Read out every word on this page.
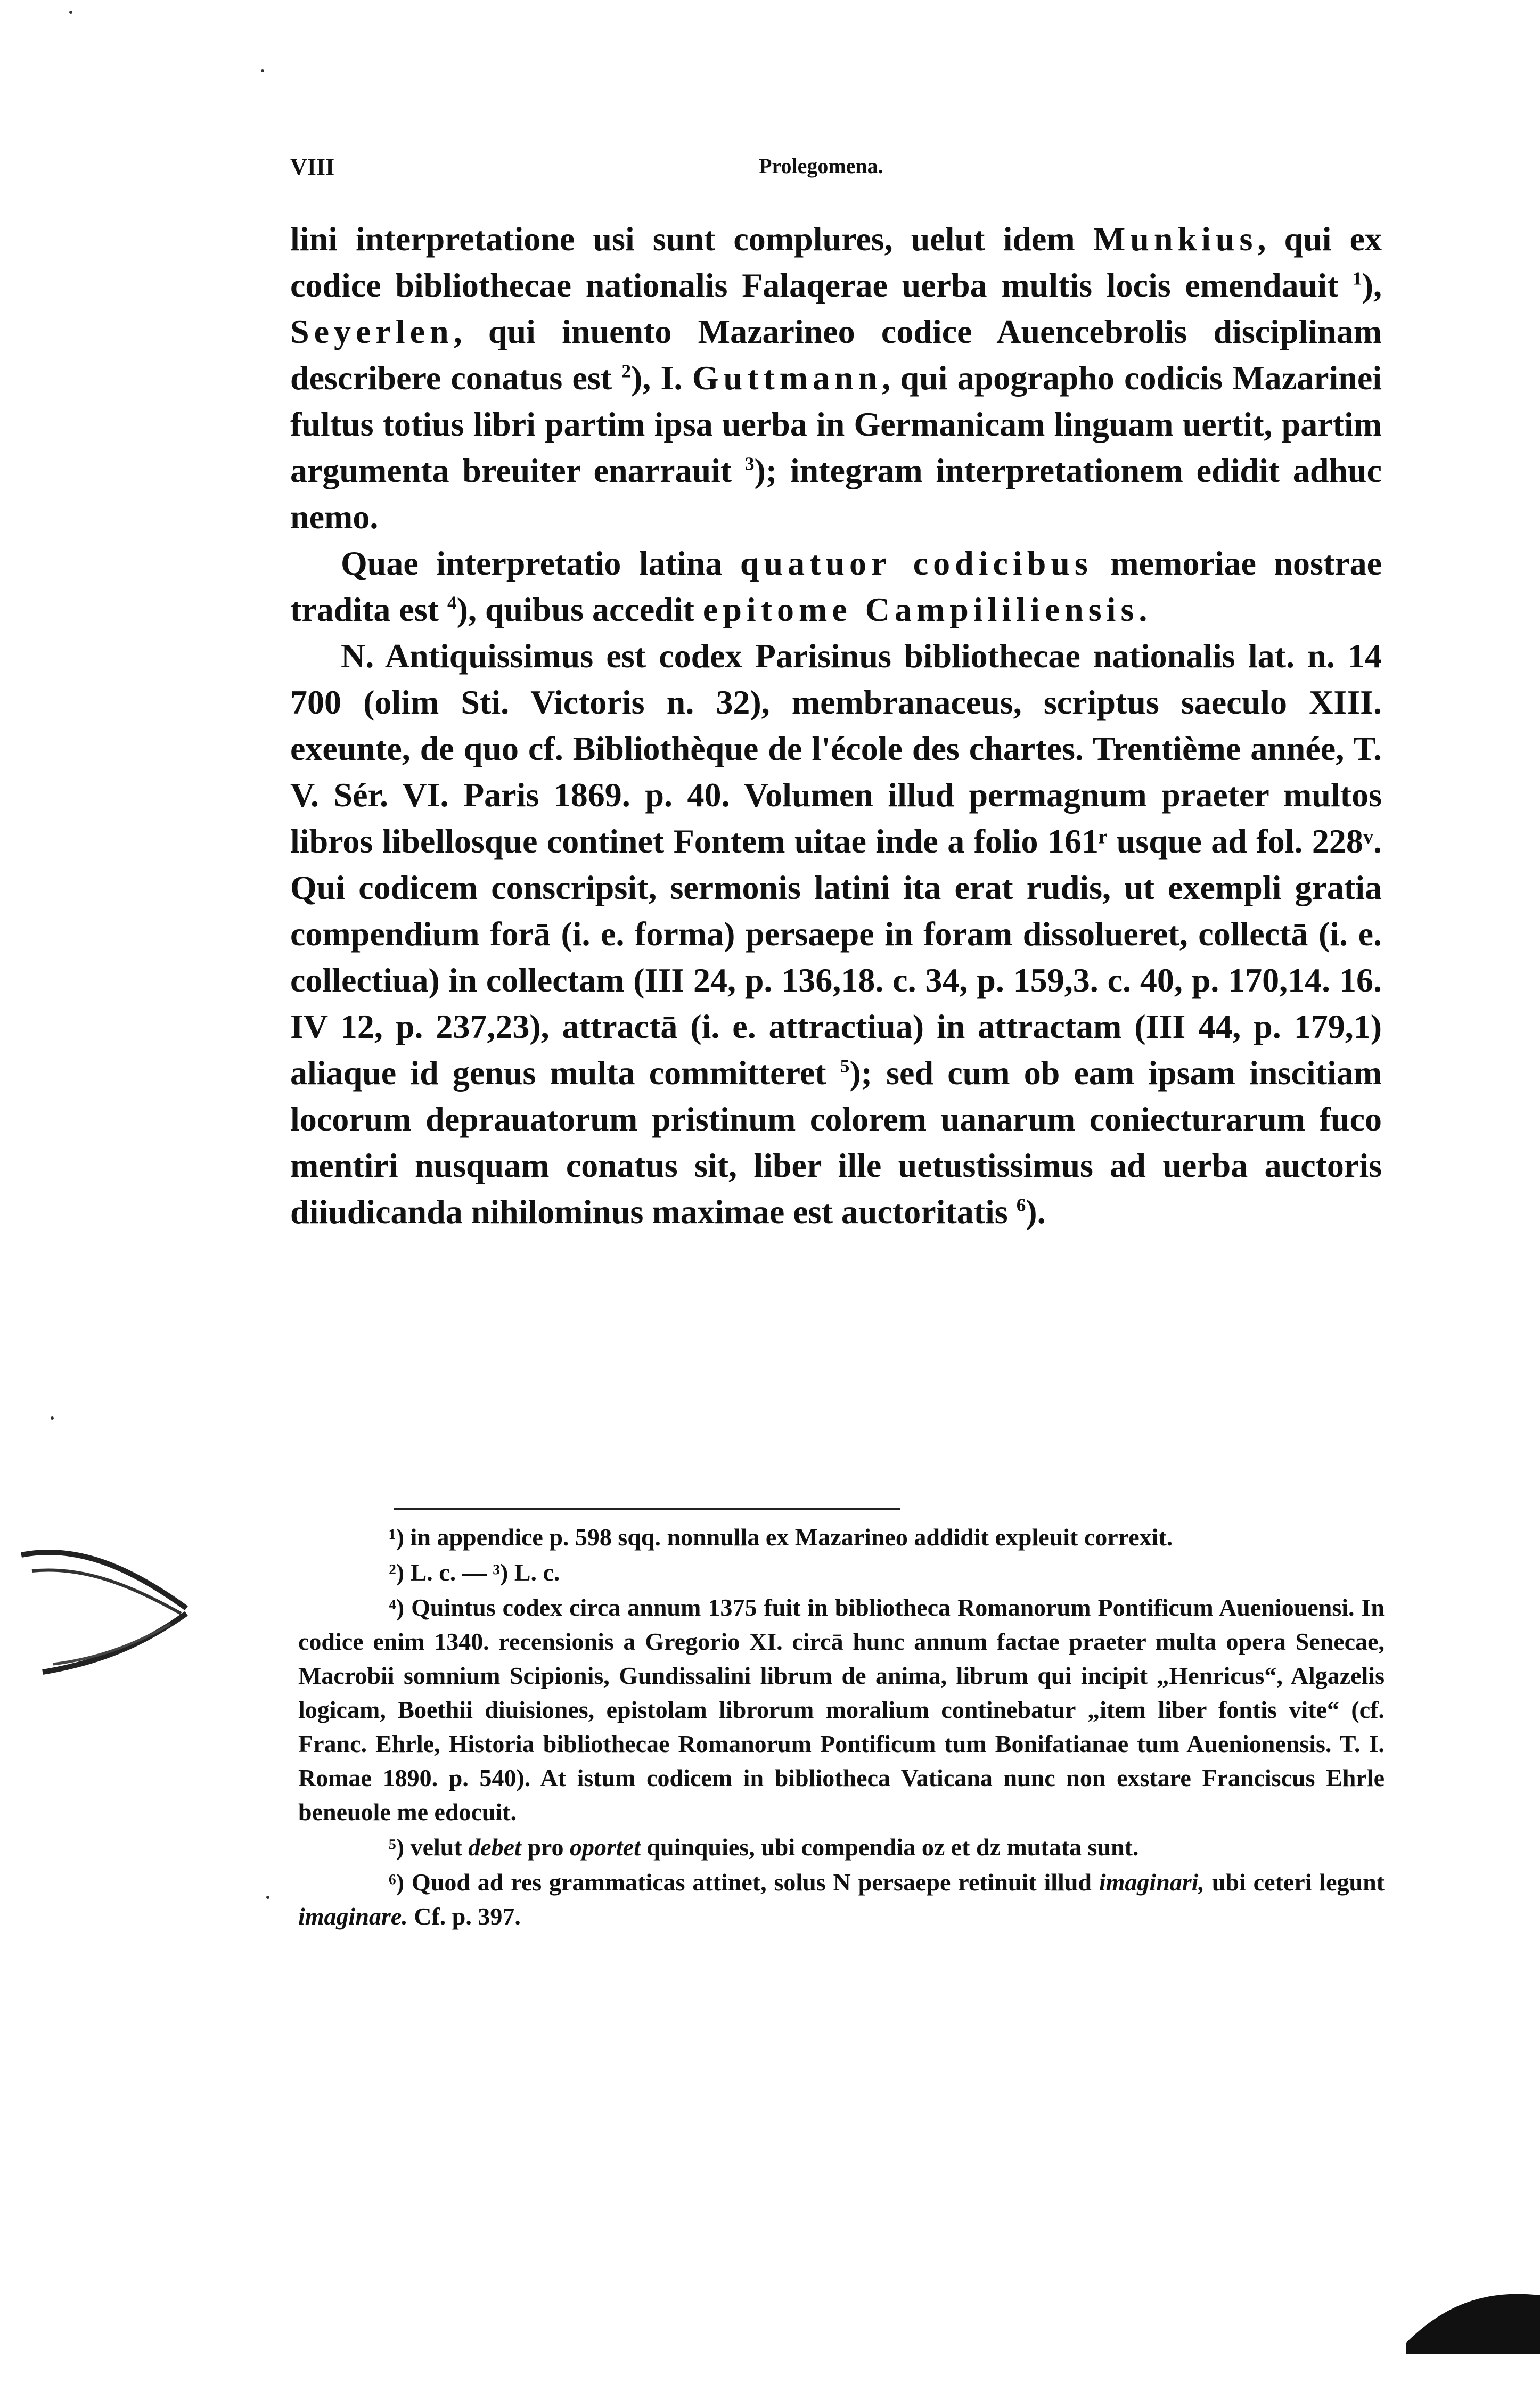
VIII	Prolegomena.

lini interpretatione usi sunt complures, uelut idem Munkius, qui ex codice bibliothecae nationalis Falaqerae uerba multis locis emendauit $^1$), Seyerlen, qui inuento Mazarineo codice Auencebrolis disciplinam describere conatus est $^2$), I. Guttmann, qui apographo codicis Mazarinei fultus totius libri partim ipsa uerba in Germanicam linguam uertit, partim argumenta breuiter enarrauit $^3$); integram interpretationem edidit adhuc nemo.

Quae interpretatio latina quatuor codicibus memoriae nostrae tradita est $^4$), quibus accedit epitome Campililiensis.

N. Antiquissimus est codex Parisinus bibliothecae nationalis lat. n. 14 700 (olim Sti. Victoris n. 32), membranaceus, scriptus saeculo XIII. exeunte, de quo cf. Bibliothèque de l'école des chartes. Trentième année, T. V. Sér. VI. Paris 1869. p. 40. Volumen illud permagnum praeter multos libros libellosque continet Fontem uitae inde a folio 161ʳ usque ad fol. 228ᵛ. Qui codicem conscripsit, sermonis latini ita erat rudis, ut exempli gratia compendium forā (i. e. forma) persaepe in foram dissolueret, collectā (i. e. collectiua) in collectam (III 24, p. 136,18. c. 34, p. 159,3. c. 40, p. 170,14. 16. IV 12, p. 237,23), attractā (i. e. attractiua) in attractam (III 44, p. 179,1) aliaque id genus multa committeret $^5$); sed cum ob eam ipsam inscitiam locorum deprauatorum pristinum colorem uanarum coniecturarum fuco mentiri nusquam conatus sit, liber ille uetustissimus ad uerba auctoris diiudicanda nihilominus maximae est auctoritatis $^6$).

¹) in appendice p. 598 sqq. nonnulla ex Mazarineo addidit expleuit correxit.

²) L. c. — ³) L. c.

⁴) Quintus codex circa annum 1375 fuit in bibliotheca Romanorum Pontificum Aueniouensi. In codice enim 1340. recensionis a Gregorio XI. circā hunc annum factae praeter multa opera Senecae, Macrobii somnium Scipionis, Gundissalini librum de anima, librum qui incipit „Henricus“, Algazelis logicam, Boethii diuisiones, epistolam librorum moralium continebatur „item liber fontis vite“ (cf. Franc. Ehrle, Historia bibliothecae Romanorum Pontificum tum Bonifatianae tum Auenionensis. T. I. Romae 1890. p. 540). At istum codicem in bibliotheca Vaticana nunc non exstare Franciscus Ehrle beneuole me edocuit.

⁵) velut debet pro oportet quinquies, ubi compendia oz et dz mutata sunt.

⁶) Quod ad res grammaticas attinet, solus N persaepe retinuit illud imaginari, ubi ceteri legunt imaginare. Cf. p. 397.
